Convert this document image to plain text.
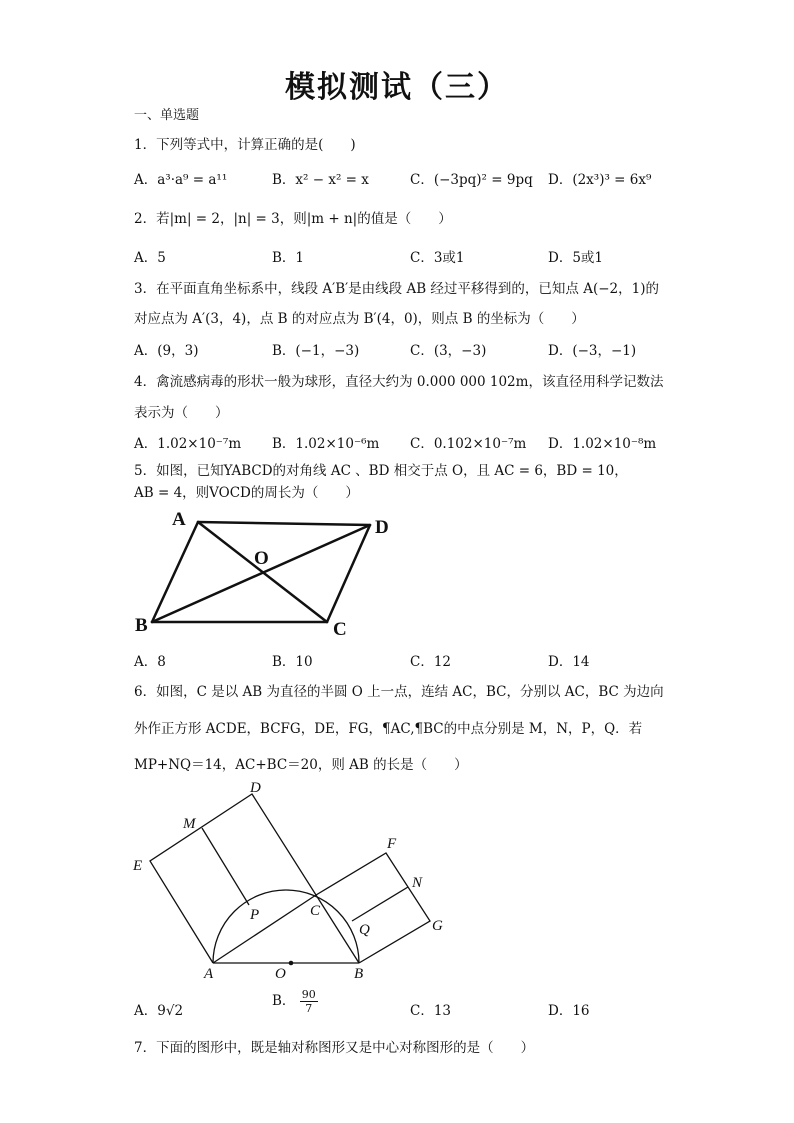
模拟测试（三）
一、单选题
1．下列等式中，计算正确的是(　　)
A．a³·a⁹ = a¹¹	B．x² − x² = x	C．(−3pq)² = 9pq D．(2x³)³ = 6x⁹
2．若|m| = 2，|n| = 3，则|m + n|的值是（　　）
A．5	B．1	C．3或1	D．5或1
3．在平面直角坐标系中，线段 A′B′是由线段 AB 经过平移得到的，已知点 A(−2，1)的
对应点为 A′(3，4)，点 B 的对应点为 B′(4，0)，则点 B 的坐标为（　　）
A．(9，3)	B．(−1，−3)	C．(3，−3)	D．(−3，−1)
4．禽流感病毒的形状一般为球形，直径大约为 0.000 000 102m，该直径用科学记数法
表示为（　　）
A．1.02×10⁻⁷m B．1.02×10⁻⁶m C．0.102×10⁻⁷m D．1.02×10⁻⁸m
5．如图，已知YABCD的对角线 AC 、BD 相交于点 O，且 AC = 6，BD = 10，
AB = 4，则VOCD的周长为（　　）
A	D
O
B	C
A．8	B．10	C．12	D．14
6．如图，C 是以 AB 为直径的半圆 O 上一点，连结 AC，BC，分别以 AC，BC 为边向
外作正方形 ACDE，BCFG，DE，FG，¶AC,¶BC的中点分别是 M，N，P，Q．若
MP+NQ＝14，AC+BC＝20，则 AB 的长是（　　）
D
M
E
F
N
G
P	C
Q
A	O	B
A．9√2
B． $\frac{90}{7}$	C．13	D．16
7．下面的图形中，既是轴对称图形又是中心对称图形的是（　　）
